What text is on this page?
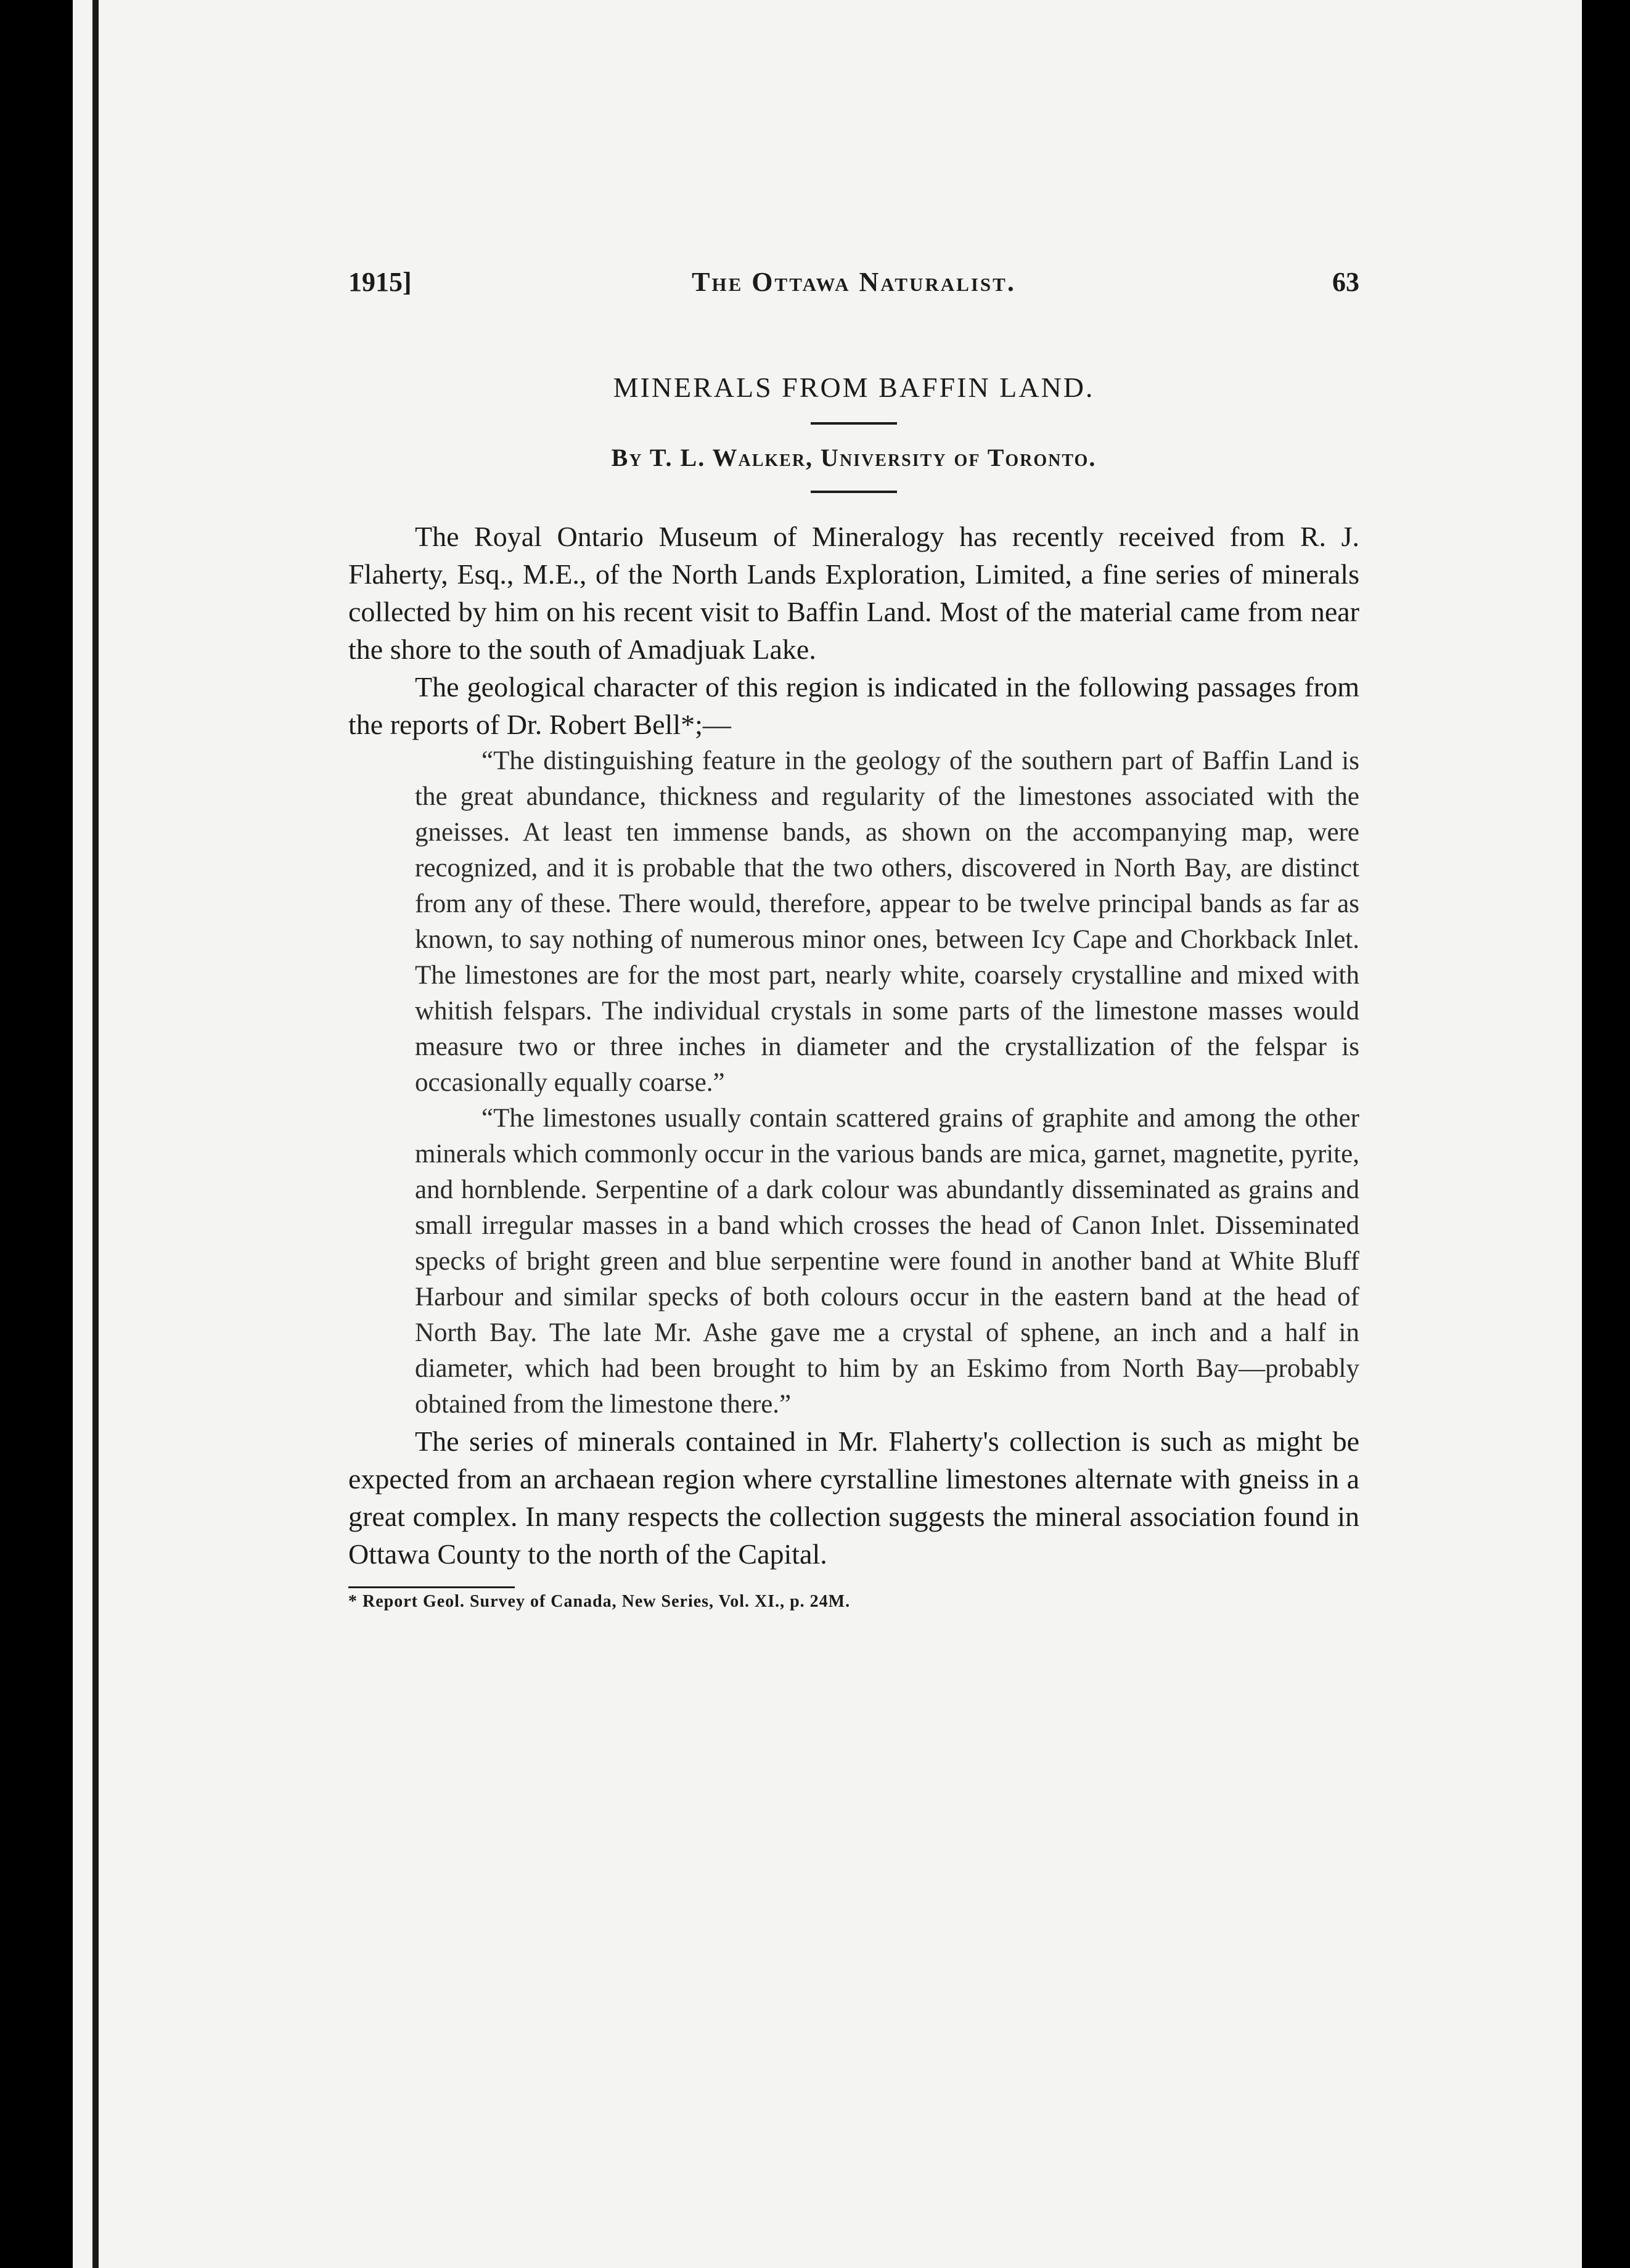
1915]	The Ottawa Naturalist.	63
MINERALS FROM BAFFIN LAND.
By T. L. Walker, University of Toronto.

The Royal Ontario Museum of Mineralogy has recently received from R. J. Flaherty, Esq., M.E., of the North Lands Exploration, Limited, a fine series of minerals collected by him on his recent visit to Baffin Land. Most of the material came from near the shore to the south of Amadjuak Lake.

The geological character of this region is indicated in the following passages from the reports of Dr. Robert Bell*;—

“The distinguishing feature in the geology of the southern part of Baffin Land is the great abundance, thickness and regularity of the limestones associated with the gneisses. At least ten immense bands, as shown on the accompanying map, were recognized, and it is probable that the two others, discovered in North Bay, are distinct from any of these. There would, therefore, appear to be twelve principal bands as far as known, to say nothing of numerous minor ones, between Icy Cape and Chorkback Inlet. The limestones are for the most part, nearly white, coarsely crystalline and mixed with whitish felspars. The individual crystals in some parts of the limestone masses would measure two or three inches in diameter and the crystallization of the felspar is occasionally equally coarse.”

“The limestones usually contain scattered grains of graphite and among the other minerals which commonly occur in the various bands are mica, garnet, magnetite, pyrite, and hornblende. Serpentine of a dark colour was abundantly disseminated as grains and small irregular masses in a band which crosses the head of Canon Inlet. Disseminated specks of bright green and blue serpentine were found in another band at White Bluff Harbour and similar specks of both colours occur in the eastern band at the head of North Bay. The late Mr. Ashe gave me a crystal of sphene, an inch and a half in diameter, which had been brought to him by an Eskimo from North Bay—probably obtained from the limestone there.”

The series of minerals contained in Mr. Flaherty's collection is such as might be expected from an archaean region where cyrstalline limestones alternate with gneiss in a great complex. In many respects the collection suggests the mineral association found in Ottawa County to the north of the Capital.

* Report Geol. Survey of Canada, New Series, Vol. XI., p. 24M.
